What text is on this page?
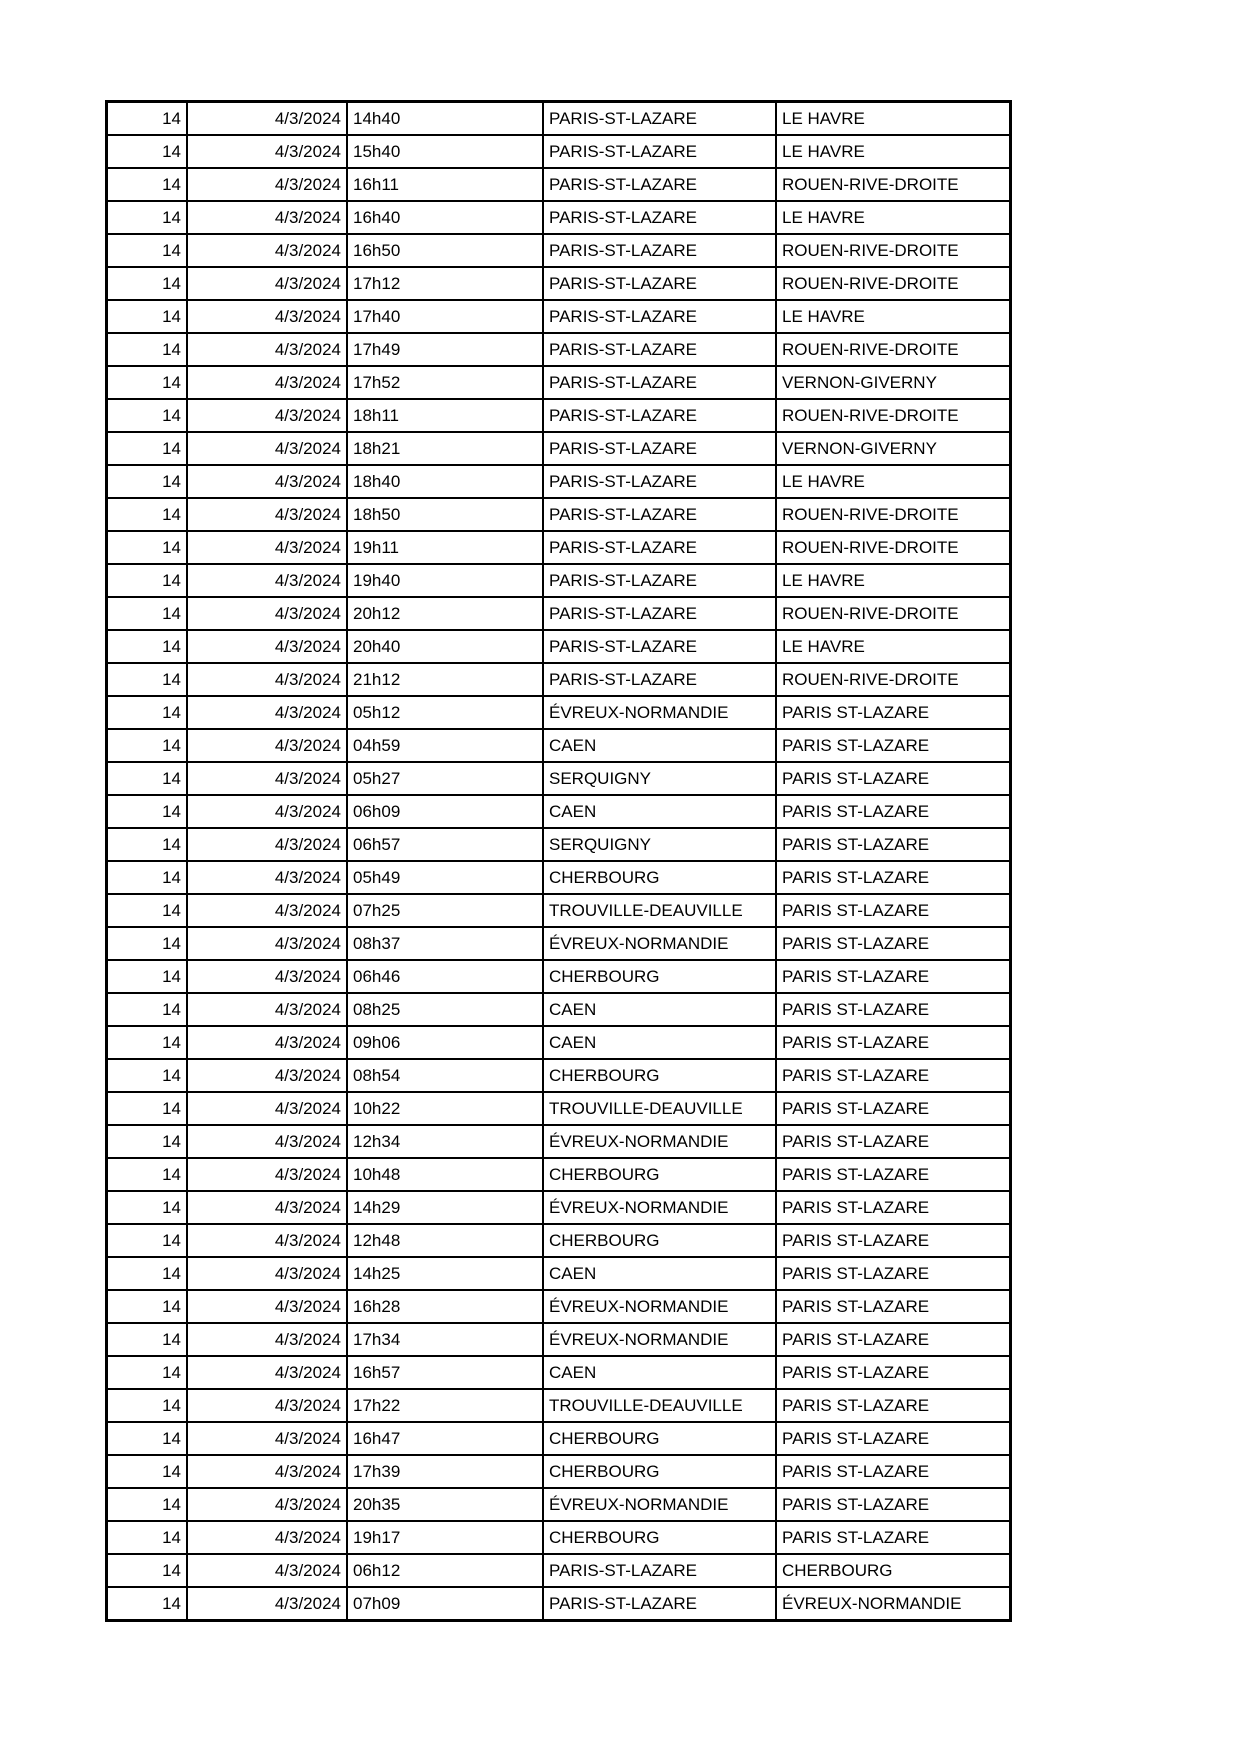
14	4/3/2024	14h40	PARIS-ST-LAZARE	LE HAVRE
14	4/3/2024	15h40	PARIS-ST-LAZARE	LE HAVRE
14	4/3/2024	16h11	PARIS-ST-LAZARE	ROUEN-RIVE-DROITE
14	4/3/2024	16h40	PARIS-ST-LAZARE	LE HAVRE
14	4/3/2024	16h50	PARIS-ST-LAZARE	ROUEN-RIVE-DROITE
14	4/3/2024	17h12	PARIS-ST-LAZARE	ROUEN-RIVE-DROITE
14	4/3/2024	17h40	PARIS-ST-LAZARE	LE HAVRE
14	4/3/2024	17h49	PARIS-ST-LAZARE	ROUEN-RIVE-DROITE
14	4/3/2024	17h52	PARIS-ST-LAZARE	VERNON-GIVERNY
14	4/3/2024	18h11	PARIS-ST-LAZARE	ROUEN-RIVE-DROITE
14	4/3/2024	18h21	PARIS-ST-LAZARE	VERNON-GIVERNY
14	4/3/2024	18h40	PARIS-ST-LAZARE	LE HAVRE
14	4/3/2024	18h50	PARIS-ST-LAZARE	ROUEN-RIVE-DROITE
14	4/3/2024	19h11	PARIS-ST-LAZARE	ROUEN-RIVE-DROITE
14	4/3/2024	19h40	PARIS-ST-LAZARE	LE HAVRE
14	4/3/2024	20h12	PARIS-ST-LAZARE	ROUEN-RIVE-DROITE
14	4/3/2024	20h40	PARIS-ST-LAZARE	LE HAVRE
14	4/3/2024	21h12	PARIS-ST-LAZARE	ROUEN-RIVE-DROITE
14	4/3/2024	05h12	ÉVREUX-NORMANDIE	PARIS ST-LAZARE
14	4/3/2024	04h59	CAEN	PARIS ST-LAZARE
14	4/3/2024	05h27	SERQUIGNY	PARIS ST-LAZARE
14	4/3/2024	06h09	CAEN	PARIS ST-LAZARE
14	4/3/2024	06h57	SERQUIGNY	PARIS ST-LAZARE
14	4/3/2024	05h49	CHERBOURG	PARIS ST-LAZARE
14	4/3/2024	07h25	TROUVILLE-DEAUVILLE	PARIS ST-LAZARE
14	4/3/2024	08h37	ÉVREUX-NORMANDIE	PARIS ST-LAZARE
14	4/3/2024	06h46	CHERBOURG	PARIS ST-LAZARE
14	4/3/2024	08h25	CAEN	PARIS ST-LAZARE
14	4/3/2024	09h06	CAEN	PARIS ST-LAZARE
14	4/3/2024	08h54	CHERBOURG	PARIS ST-LAZARE
14	4/3/2024	10h22	TROUVILLE-DEAUVILLE	PARIS ST-LAZARE
14	4/3/2024	12h34	ÉVREUX-NORMANDIE	PARIS ST-LAZARE
14	4/3/2024	10h48	CHERBOURG	PARIS ST-LAZARE
14	4/3/2024	14h29	ÉVREUX-NORMANDIE	PARIS ST-LAZARE
14	4/3/2024	12h48	CHERBOURG	PARIS ST-LAZARE
14	4/3/2024	14h25	CAEN	PARIS ST-LAZARE
14	4/3/2024	16h28	ÉVREUX-NORMANDIE	PARIS ST-LAZARE
14	4/3/2024	17h34	ÉVREUX-NORMANDIE	PARIS ST-LAZARE
14	4/3/2024	16h57	CAEN	PARIS ST-LAZARE
14	4/3/2024	17h22	TROUVILLE-DEAUVILLE	PARIS ST-LAZARE
14	4/3/2024	16h47	CHERBOURG	PARIS ST-LAZARE
14	4/3/2024	17h39	CHERBOURG	PARIS ST-LAZARE
14	4/3/2024	20h35	ÉVREUX-NORMANDIE	PARIS ST-LAZARE
14	4/3/2024	19h17	CHERBOURG	PARIS ST-LAZARE
14	4/3/2024	06h12	PARIS-ST-LAZARE	CHERBOURG
14	4/3/2024	07h09	PARIS-ST-LAZARE	ÉVREUX-NORMANDIE
